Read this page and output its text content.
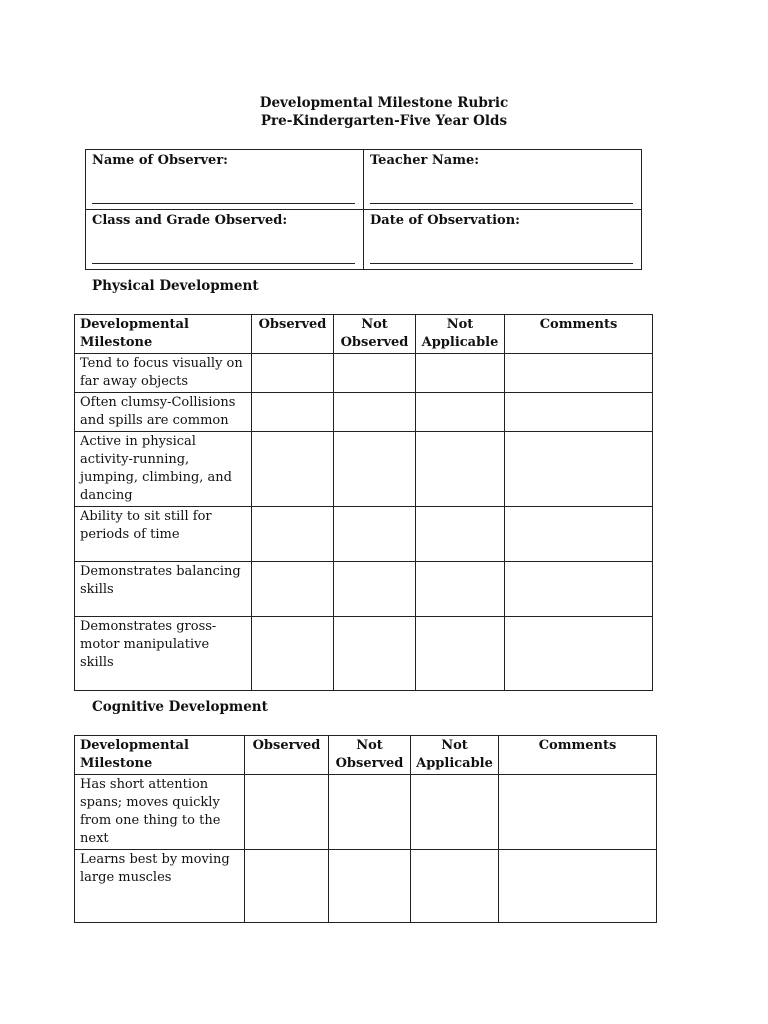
Developmental Milestone Rubric
Pre-Kindergarten-Five Year Olds
Name of Observer:	Teacher Name:

Class and Grade Observed:	Date of Observation:
Physical Development
Developmental Milestone	Observed	Not Observed	Not Applicable	Comments
Tend to focus visually on far away objects				
Often clumsy-Collisions and spills are common				
Active in physical activity-running, jumping, climbing, and dancing				
Ability to sit still for periods of time				
Demonstrates balancing skills				
Demonstrates gross-motor manipulative skills				
Cognitive Development
Developmental Milestone	Observed	Not Observed	Not Applicable	Comments
Has short attention spans; moves quickly from one thing to the next				
Learns best by moving large muscles				
